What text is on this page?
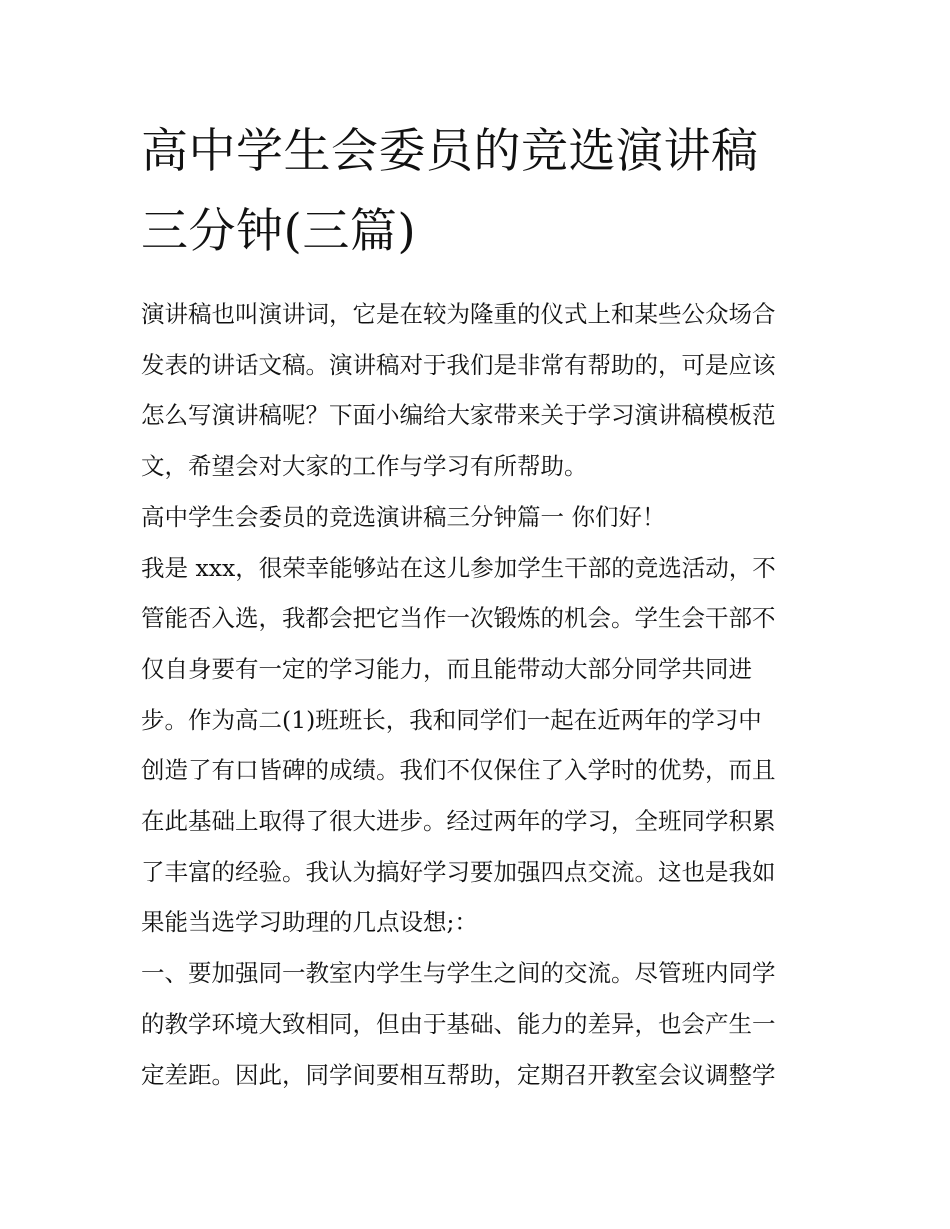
高中学生会委员的竞选演讲稿
三分钟(三篇)
演讲稿也叫演讲词，它是在较为隆重的仪式上和某些公众场合
发表的讲话文稿。演讲稿对于我们是非常有帮助的，可是应该
怎么写演讲稿呢？下面小编给大家带来关于学习演讲稿模板范
文，希望会对大家的工作与学习有所帮助。
高中学生会委员的竞选演讲稿三分钟篇一 你们好！
我是 xxx，很荣幸能够站在这儿参加学生干部的竞选活动，不
管能否入选，我都会把它当作一次锻炼的机会。学生会干部不
仅自身要有一定的学习能力，而且能带动大部分同学共同进
步。作为高二(1)班班长，我和同学们一起在近两年的学习中
创造了有口皆碑的成绩。我们不仅保住了入学时的优势，而且
在此基础上取得了很大进步。经过两年的学习，全班同学积累
了丰富的经验。我认为搞好学习要加强四点交流。这也是我如
果能当选学习助理的几点设想;：
一、要加强同一教室内学生与学生之间的交流。尽管班内同学
的教学环境大致相同，但由于基础、能力的差异，也会产生一
定差距。因此，同学间要相互帮助，定期召开教室会议调整学
